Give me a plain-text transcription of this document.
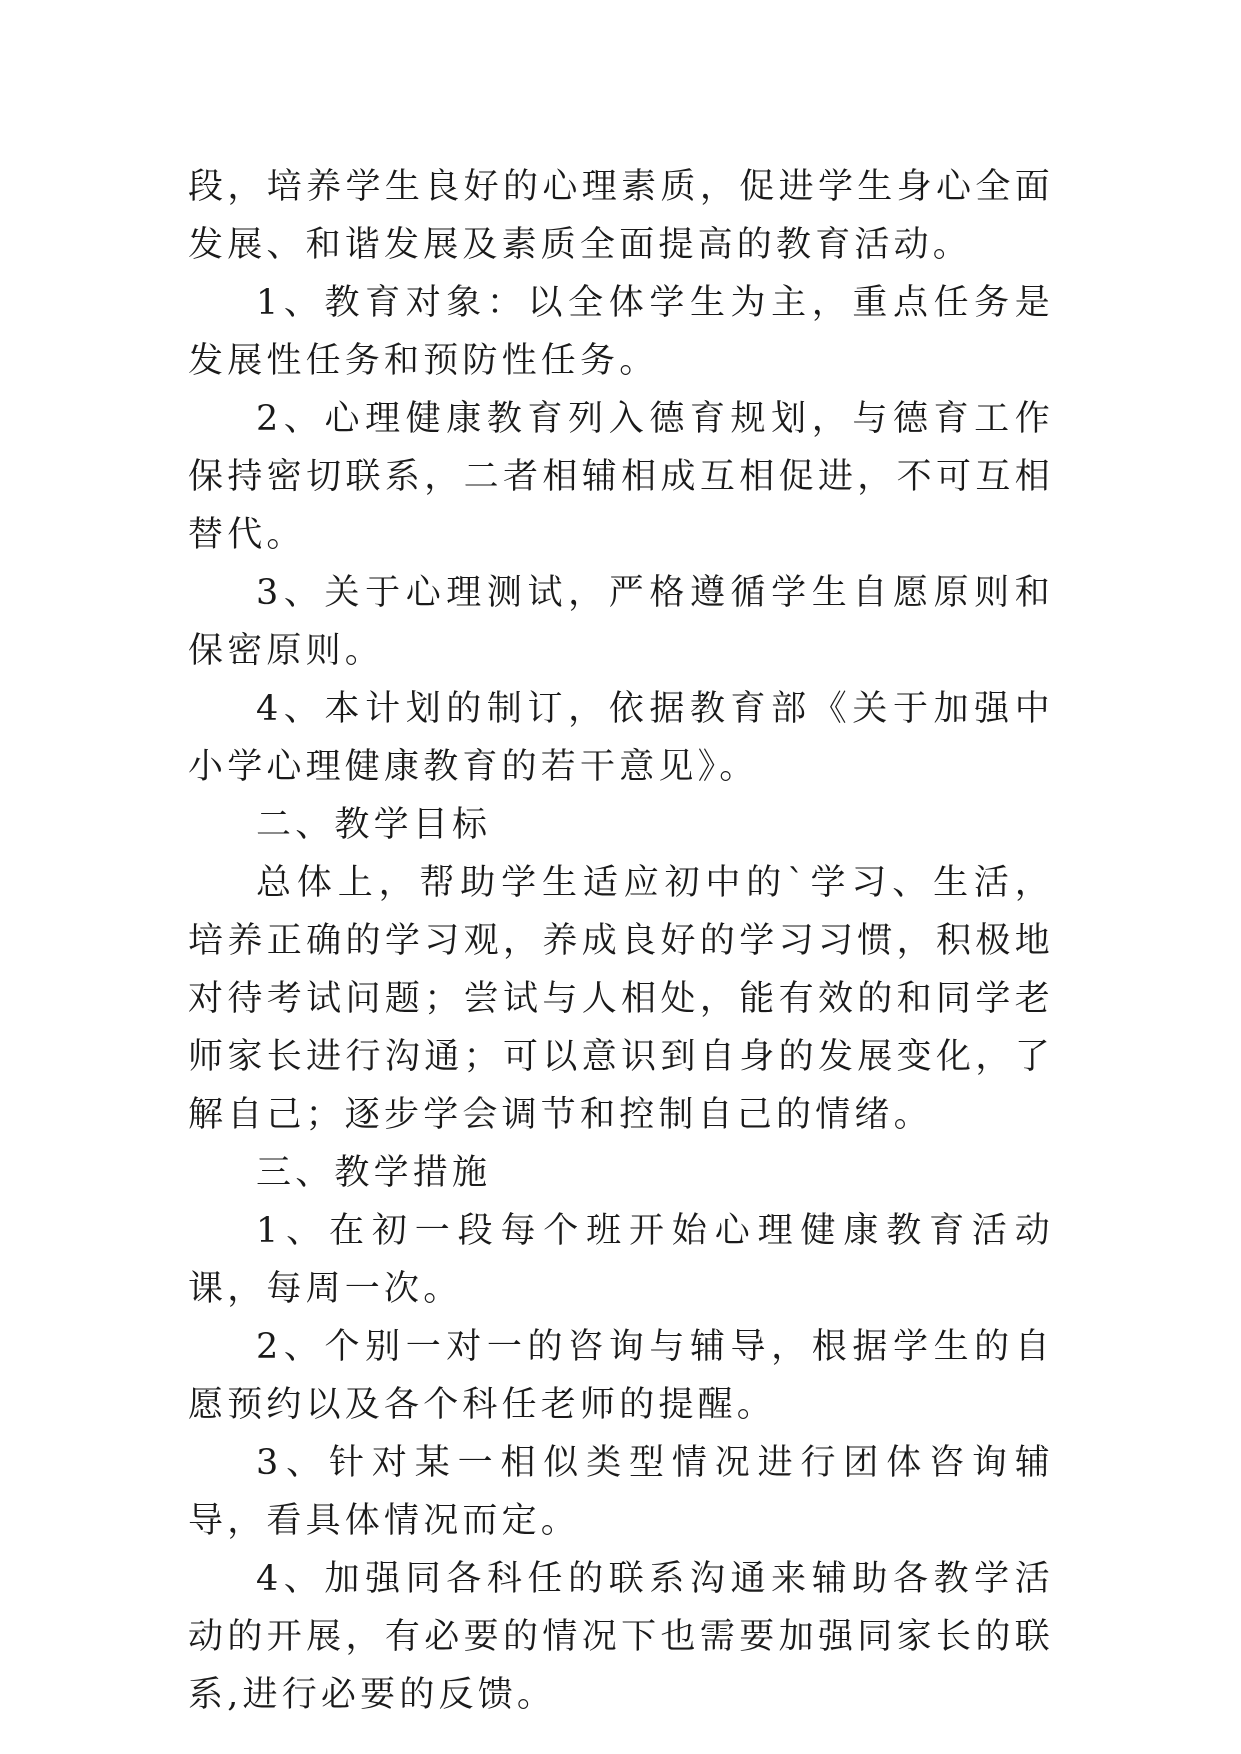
段，培养学生良好的心理素质，促进学生身心全面发展、和谐发展及素质全面提高的教育活动。

1、教育对象：以全体学生为主，重点任务是发展性任务和预防性任务。

2、心理健康教育列入德育规划，与德育工作保持密切联系，二者相辅相成互相促进，不可互相替代。

3、关于心理测试，严格遵循学生自愿原则和保密原则。

4、本计划的制订，依据教育部《关于加强中小学心理健康教育的若干意见》。

二、教学目标

总体上，帮助学生适应初中的`学习、生活，培养正确的学习观，养成良好的学习习惯，积极地对待考试问题；尝试与人相处，能有效的和同学老师家长进行沟通；可以意识到自身的发展变化，了解自己；逐步学会调节和控制自己的情绪。

三、教学措施

1、在初一段每个班开始心理健康教育活动课，每周一次。

2、个别一对一的咨询与辅导，根据学生的自愿预约以及各个科任老师的提醒。

3、针对某一相似类型情况进行团体咨询辅导，看具体情况而定。

4、加强同各科任的联系沟通来辅助各教学活动的开展，有必要的情况下也需要加强同家长的联系,进行必要的反馈。
